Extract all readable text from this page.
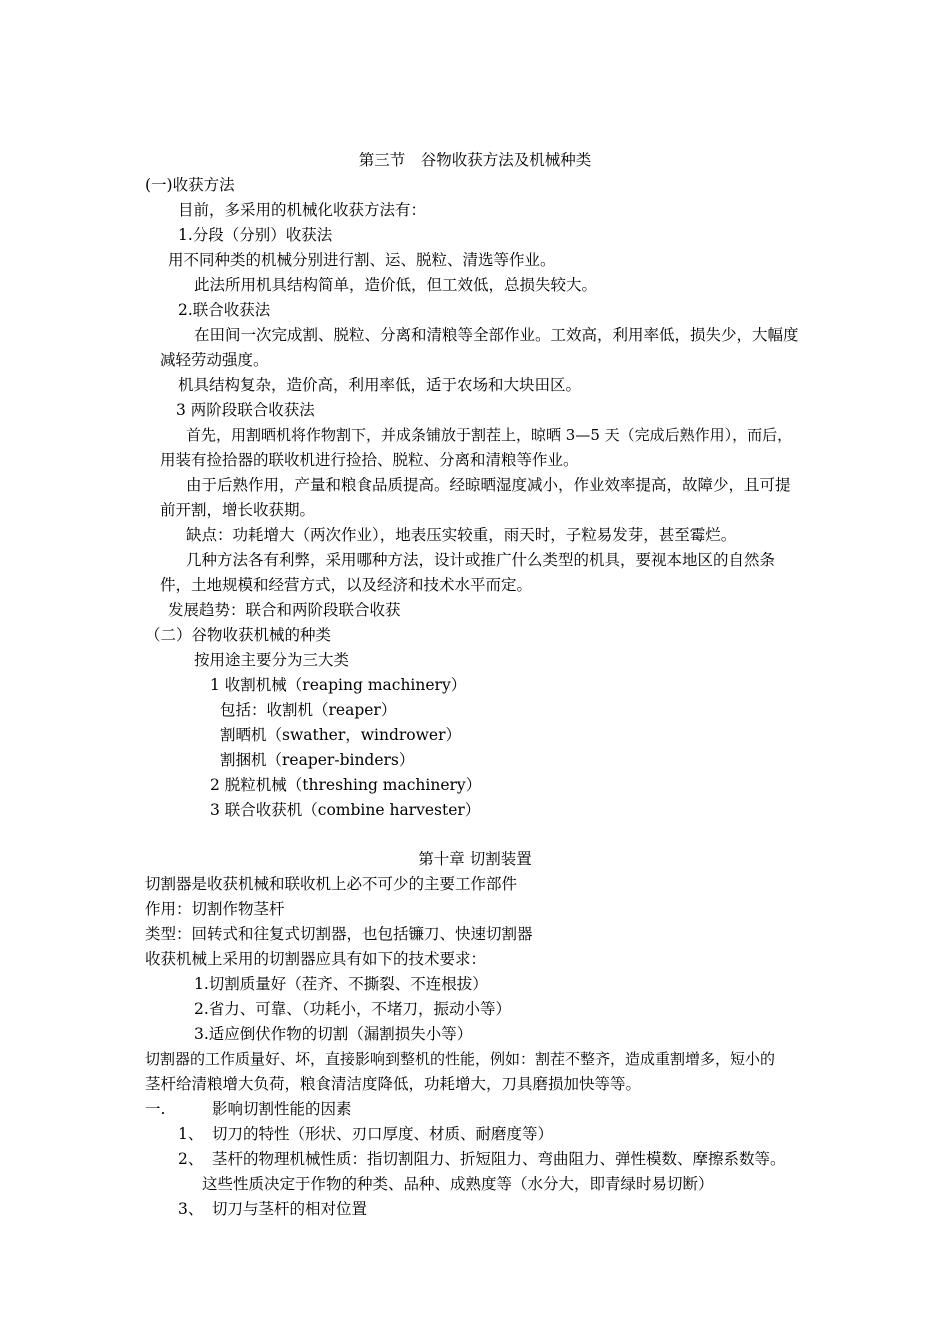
第三节　谷物收获方法及机械种类
(一)收获方法
目前，多采用的机械化收获方法有：
1.分段（分别）收获法
用不同种类的机械分别进行割、运、脱粒、清选等作业。
此法所用机具结构简单，造价低，但工效低，总损失较大。
2.联合收获法
在田间一次完成割、脱粒、分离和清粮等全部作业。工效高，利用率低，损失少，大幅度
减轻劳动强度。
机具结构复杂，造价高，利用率低，适于农场和大块田区。
3 两阶段联合收获法
首先，用割晒机将作物割下，并成条铺放于割茬上，晾晒 3—5 天（完成后熟作用），而后，
用装有捡拾器的联收机进行捡拾、脱粒、分离和清粮等作业。
由于后熟作用，产量和粮食品质提高。经晾晒湿度减小，作业效率提高，故障少，且可提
前开割，增长收获期。
缺点：功耗增大（两次作业），地表压实较重，雨天时，子粒易发芽，甚至霉烂。
几种方法各有利弊，采用哪种方法，设计或推广什么类型的机具，要视本地区的自然条
件，土地规模和经营方式，以及经济和技术水平而定。
发展趋势：联合和两阶段联合收获
（二）谷物收获机械的种类
按用途主要分为三大类
1 收割机械（reaping machinery）
包括：收割机（reaper）
割晒机（swather，windrower）
割捆机（reaper-binders）
2 脱粒机械（threshing machinery）
3 联合收获机（combine harvester）
第十章 切割装置
切割器是收获机械和联收机上必不可少的主要工作部件
作用：切割作物茎杆
类型：回转式和往复式切割器，也包括镰刀、快速切割器
收获机械上采用的切割器应具有如下的技术要求：
1.切割质量好（茬齐、不撕裂、不连根拔）
2.省力、可靠、（功耗小，不堵刀，振动小等）
3.适应倒伏作物的切割（漏割损失小等）
切割器的工作质量好、坏，直接影响到整机的性能，例如：割茬不整齐，造成重割增多，短小的
茎杆给清粮增大负荷，粮食清洁度降低，功耗增大，刀具磨损加快等等。
一.	影响切割性能的因素
1、 切刀的特性（形状、刃口厚度、材质、耐磨度等）
2、 茎杆的物理机械性质：指切割阻力、折短阻力、弯曲阻力、弹性模数、摩擦系数等。
这些性质决定于作物的种类、品种、成熟度等（水分大，即青绿时易切断）
3、 切刀与茎杆的相对位置
